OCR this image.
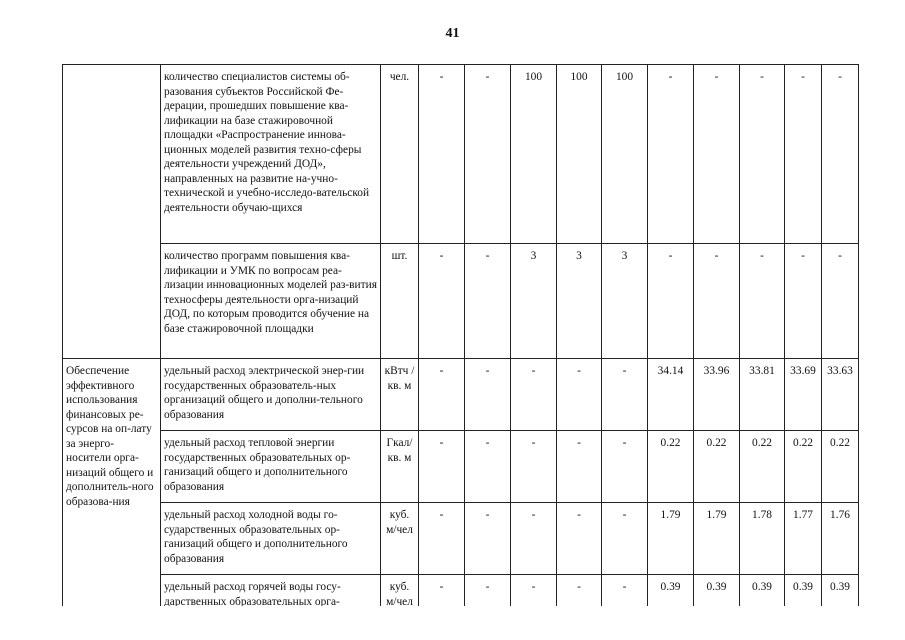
41
	количество специалистов системы об-разования субъектов Российской Фе-дерации, прошедших повышение ква-лификации на базе стажировочной площадки «Распространение иннова-ционных моделей развития техно-сферы деятельности учреждений ДОД», направленных на развитие на-учно-технической и учебно-исследо-вательской деятельности обучаю-щихся	чел.	-	-	100	100	100	-	-	-	-	-
	количество программ повышения ква-лификации и УМК по вопросам реа-лизации инновационных моделей раз-вития техносферы деятельности орга-низаций ДОД, по которым проводится обучение на базе стажировочной площадки	шт.	-	-	3	3	3	-	-	-	-	-
Обеспечение эффективного использования финансовых ре-сурсов на оп-лату за энерго-носители орга-низаций общего и дополнитель-ного образова-ния	удельный расход электрической энер-гии государственных образователь-ных организаций общего и дополни-тельного образования	кВтч /кв. м	-	-	-	-	-	34.14	33.96	33.81	33.69	33.63
	удельный расход тепловой энергии государственных образовательных ор-ганизаций общего и дополнительного образования	Гкал/ кв. м	-	-	-	-	-	0.22	0.22	0.22	0.22	0.22
	удельный расход холодной воды го-сударственных образовательных ор-ганизаций общего и дополнительного образования	куб. м/чел	-	-	-	-	-	1.79	1.79	1.78	1.77	1.76
	удельный расход горячей воды госу-дарственных образовательных орга-	куб. м/чел	-	-	-	-	-	0.39	0.39	0.39	0.39	0.39
